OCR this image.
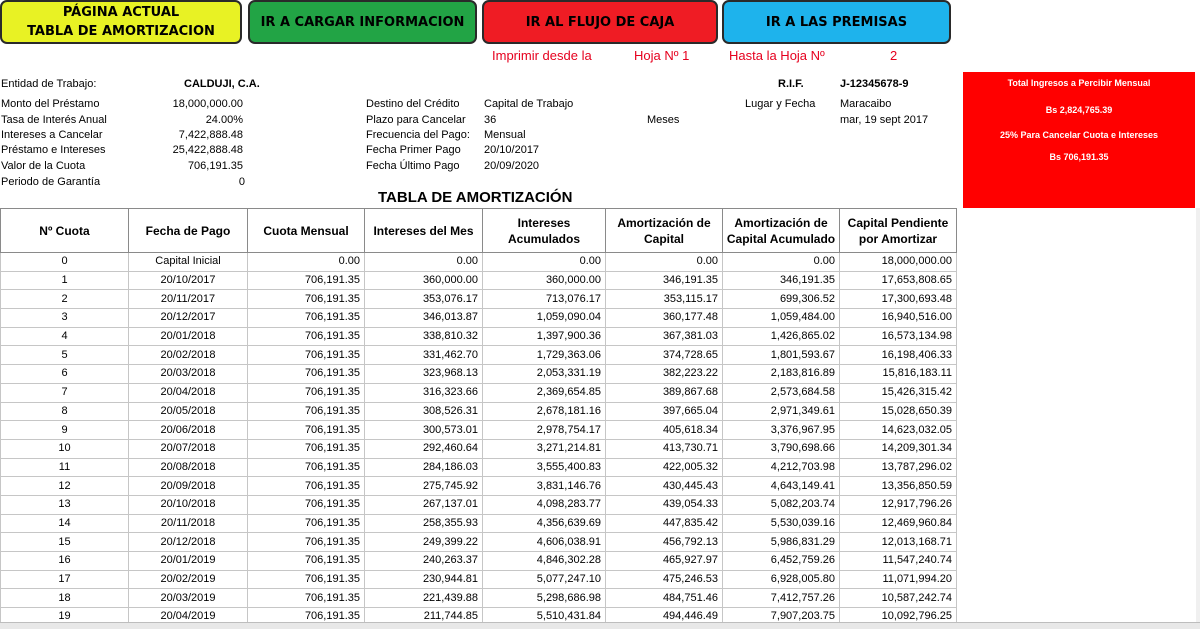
PÁGINA ACTUAL
TABLA DE AMORTIZACION
IR A CARGAR INFORMACION	IR AL FLUJO DE CAJA	IR A LAS PREMISAS
Imprimir desde la	Hoja Nº 1	Hasta la Hoja Nº	2
Entidad de Trabajo:	CALDUJI, C.A.	R.I.F.	J-12345678-9
Monto del Préstamo	18,000,000.00
Tasa de Interés Anual	24.00%
Intereses a Cancelar	7,422,888.48
Préstamo e Intereses	25,422,888.48
Valor de la Cuota	706,191.35
Periodo de Garantía	0
Destino del Crédito Capital de Trabajo
Plazo para Cancelar 36	Meses
Frecuencia del Pago: Mensual
Fecha Primer Pago 20/10/2017
Fecha Último Pago 20/09/2020
Lugar y Fecha Maracaibo
mar, 19 sept 2017
Total Ingresos a Percibir Mensual
Bs 2,824,765.39
25% Para Cancelar Cuota e Intereses
Bs 706,191.35
TABLA DE AMORTIZACIÓN
Nº Cuota	Fecha de Pago	Cuota Mensual	Intereses del Mes	Intereses Acumulados	Amortización de Capital	Amortización de Capital Acumulado	Capital Pendiente por Amortizar
0	Capital Inicial	0.00	0.00	0.00	0.00	0.00	18,000,000.00
1	20/10/2017	706,191.35	360,000.00	360,000.00	346,191.35	346,191.35	17,653,808.65
2	20/11/2017	706,191.35	353,076.17	713,076.17	353,115.17	699,306.52	17,300,693.48
3	20/12/2017	706,191.35	346,013.87	1,059,090.04	360,177.48	1,059,484.00	16,940,516.00
4	20/01/2018	706,191.35	338,810.32	1,397,900.36	367,381.03	1,426,865.02	16,573,134.98
5	20/02/2018	706,191.35	331,462.70	1,729,363.06	374,728.65	1,801,593.67	16,198,406.33
6	20/03/2018	706,191.35	323,968.13	2,053,331.19	382,223.22	2,183,816.89	15,816,183.11
7	20/04/2018	706,191.35	316,323.66	2,369,654.85	389,867.68	2,573,684.58	15,426,315.42
8	20/05/2018	706,191.35	308,526.31	2,678,181.16	397,665.04	2,971,349.61	15,028,650.39
9	20/06/2018	706,191.35	300,573.01	2,978,754.17	405,618.34	3,376,967.95	14,623,032.05
10	20/07/2018	706,191.35	292,460.64	3,271,214.81	413,730.71	3,790,698.66	14,209,301.34
11	20/08/2018	706,191.35	284,186.03	3,555,400.83	422,005.32	4,212,703.98	13,787,296.02
12	20/09/2018	706,191.35	275,745.92	3,831,146.76	430,445.43	4,643,149.41	13,356,850.59
13	20/10/2018	706,191.35	267,137.01	4,098,283.77	439,054.33	5,082,203.74	12,917,796.26
14	20/11/2018	706,191.35	258,355.93	4,356,639.69	447,835.42	5,530,039.16	12,469,960.84
15	20/12/2018	706,191.35	249,399.22	4,606,038.91	456,792.13	5,986,831.29	12,013,168.71
16	20/01/2019	706,191.35	240,263.37	4,846,302.28	465,927.97	6,452,759.26	11,547,240.74
17	20/02/2019	706,191.35	230,944.81	5,077,247.10	475,246.53	6,928,005.80	11,071,994.20
18	20/03/2019	706,191.35	221,439.88	5,298,686.98	484,751.46	7,412,757.26	10,587,242.74
19	20/04/2019	706,191.35	211,744.85	5,510,431.84	494,446.49	7,907,203.75	10,092,796.25
